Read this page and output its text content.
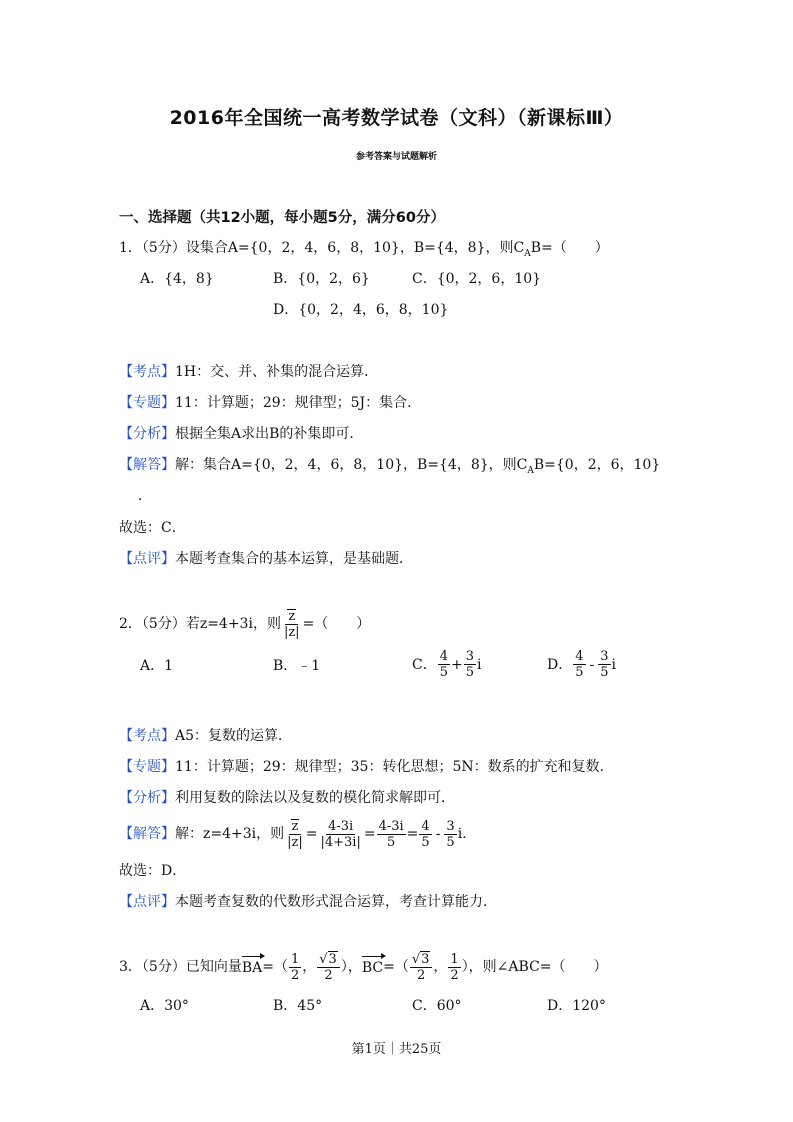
2016年全国统一高考数学试卷（文科）（新课标Ⅲ）
参考答案与试题解析
一、选择题（共12小题，每小题5分，满分60分）
1．（5分）设集合A={0，2，4，6，8，10}，B={4，8}，则$C_AB=$（　　）
A．{4，8}	B．{0，2，6}	C．{0，2，6，10}
D．{0，2，4，6，8，10}
【考点】1H：交、并、补集的混合运算．
【专题】11：计算题；29：规律型；5J：集合．
【分析】根据全集A求出B的补集即可．
【解答】解：集合A={0，2，4，6，8，10}，B={4，8}，则$C_AB=\{0$，2，6，10}
．
故选：C．
【点评】本题考查集合的基本运算，是基础题．
2．（5分）若z=4+3i，则 $\frac{z}{|z|}$ =（　　）
A．1	B．﹣1	C． $\frac{4}{5} + \frac{3}{5}$ i	D． $\frac{4}{5} - \frac{3}{5}$ i
【考点】A5：复数的运算．
【专题】11：计算题；29：规律型；35：转化思想；5N：数系的扩充和复数．
【分析】利用复数的除法以及复数的模化简求解即可．
【解答】 解：z=4+3i，则 $\frac{z}{|z|} = \frac{4-3i}{|4+3i|} = \frac{4-3i}{5} = \frac{4}{5} - \frac{3}{5} i$.
故选：D．
【点评】本题考查复数的代数形式混合运算，考查计算能力．
3．（5分）已知向量 BA =（ $\frac{1}{2}$ ， $\frac{√3}{2}$ ）， BC =（ $\frac{√3}{2}$ ， $\frac{1}{2}$ ），则∠ABC=（　　）
A．30°	B．45°	C．60°	D．120°
第1页｜共25页
